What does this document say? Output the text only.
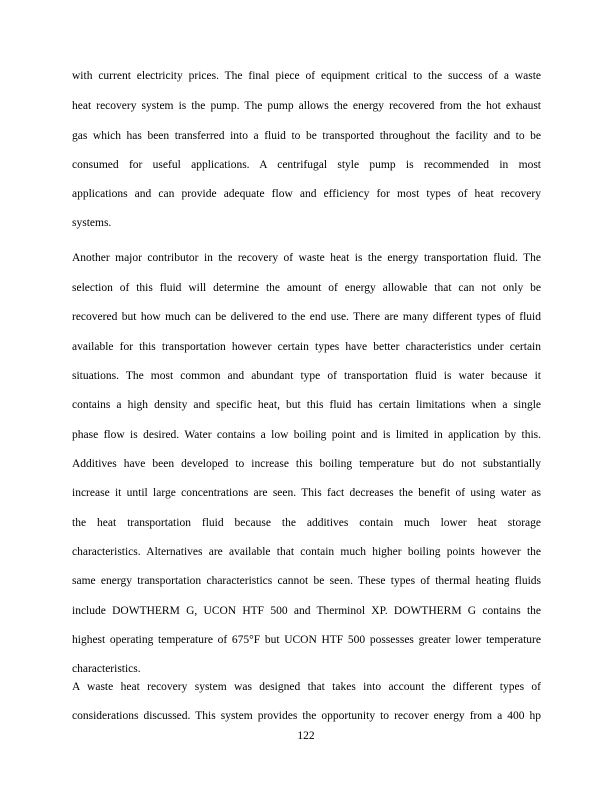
with current electricity prices. The final piece of equipment critical to the success of a waste
heat recovery system is the pump. The pump allows the energy recovered from the hot exhaust
gas which has been transferred into a fluid to be transported throughout the facility and to be
consumed for useful applications. A centrifugal style pump is recommended in most
applications and can provide adequate flow and efficiency for most types of heat recovery
systems.
Another major contributor in the recovery of waste heat is the energy transportation fluid. The
selection of this fluid will determine the amount of energy allowable that can not only be
recovered but how much can be delivered to the end use. There are many different types of fluid
available for this transportation however certain types have better characteristics under certain
situations. The most common and abundant type of transportation fluid is water because it
contains a high density and specific heat, but this fluid has certain limitations when a single
phase flow is desired. Water contains a low boiling point and is limited in application by this.
Additives have been developed to increase this boiling temperature but do not substantially
increase it until large concentrations are seen. This fact decreases the benefit of using water as
the heat transportation fluid because the additives contain much lower heat storage
characteristics. Alternatives are available that contain much higher boiling points however the
same energy transportation characteristics cannot be seen. These types of thermal heating fluids
include DOWTHERM G, UCON HTF 500 and Therminol XP. DOWTHERM G contains the
highest operating temperature of 675°F but UCON HTF 500 possesses greater lower temperature
characteristics.
A waste heat recovery system was designed that takes into account the different types of
considerations discussed. This system provides the opportunity to recover energy from a 400 hp
122
